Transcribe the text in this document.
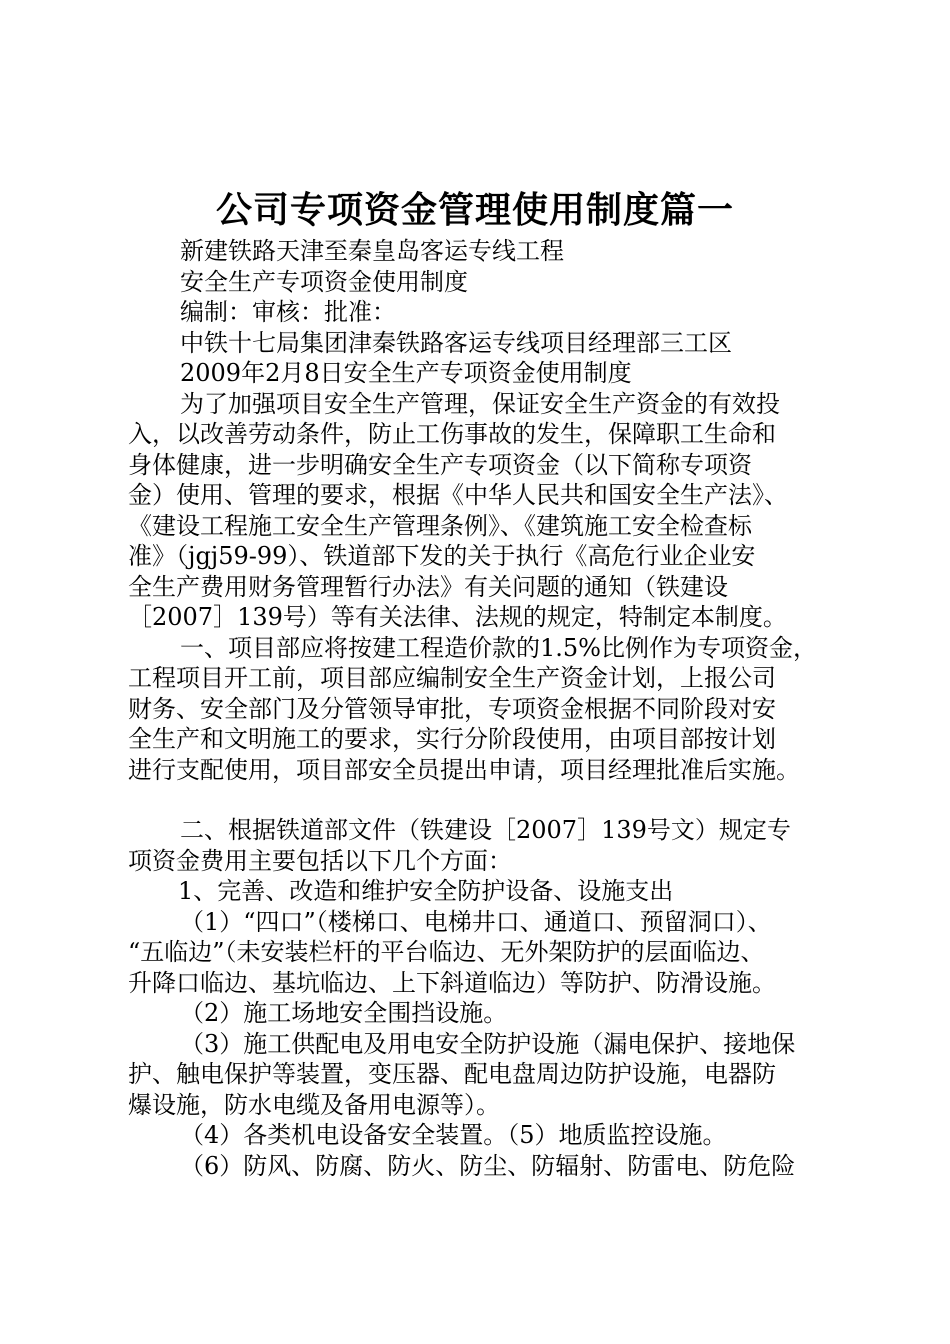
公司专项资金管理使用制度篇一

新建铁路天津至秦皇岛客运专线工程

安全生产专项资金使用制度

编制：审核：批准：

中铁十七局集团津秦铁路客运专线项目经理部三工区

2009年2月8日安全生产专项资金使用制度

为了加强项目安全生产管理，保证安全生产资金的有效投

入，以改善劳动条件，防止工伤事故的发生，保障职工生命和

身体健康，进一步明确安全生产专项资金（以下简称专项资

金）使用、管理的要求，根据《中华人民共和国安全生产法》、

《建设工程施工安全生产管理条例》、《建筑施工安全检查标

准》（jgj59-99）、铁道部下发的关于执行《高危行业企业安

全生产费用财务管理暂行办法》有关问题的通知（铁建设

［2007］139号）等有关法律、法规的规定，特制定本制度。

一、项目部应将按建工程造价款的1.5%比例作为专项资金，

工程项目开工前，项目部应编制安全生产资金计划，上报公司

财务、安全部门及分管领导审批，专项资金根据不同阶段对安

全生产和文明施工的要求，实行分阶段使用，由项目部按计划

进行支配使用，项目部安全员提出申请，项目经理批准后实施。

二、根据铁道部文件（铁建设［2007］139号文）规定专

项资金费用主要包括以下几个方面：

1、完善、改造和维护安全防护设备、设施支出

（1）“四口”（楼梯口、电梯井口、通道口、预留洞口）、

“五临边”（未安装栏杆的平台临边、无外架防护的层面临边、

升降口临边、基坑临边、上下斜道临边）等防护、防滑设施。

（2）施工场地安全围挡设施。

（3）施工供配电及用电安全防护设施（漏电保护、接地保

护、触电保护等装置，变压器、配电盘周边防护设施，电器防

爆设施，防水电缆及备用电源等）。

（4）各类机电设备安全装置。（5）地质监控设施。

（6）防风、防腐、防火、防尘、防辐射、防雷电、防危险
